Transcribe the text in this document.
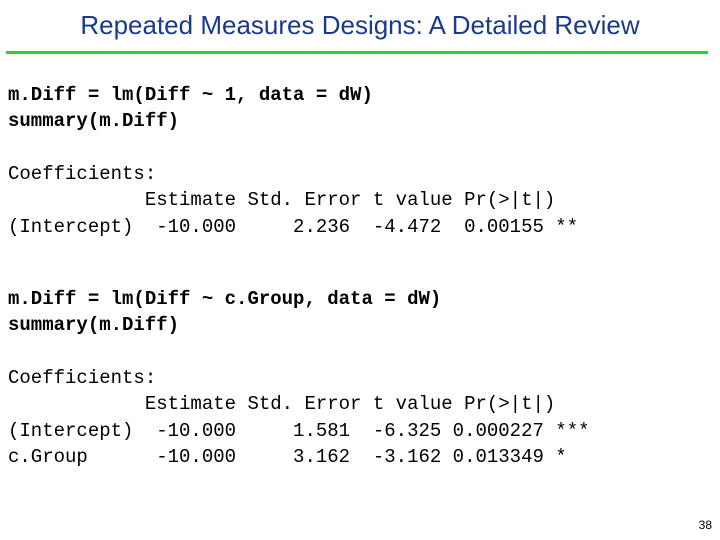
Repeated Measures Designs: A Detailed Review
m.Diff = lm(Diff ~ 1, data = dW)
summary(m.Diff)
Coefficients:
Estimate Std. Error t value Pr(>|t|)
(Intercept)  -10.000     2.236  -4.472  0.00155 **
m.Diff = lm(Diff ~ c.Group, data = dW)
summary(m.Diff)
Coefficients:
Estimate Std. Error t value Pr(>|t|)
(Intercept)  -10.000     1.581  -6.325 0.000227 ***
c.Group      -10.000     3.162  -3.162 0.013349 *
38
